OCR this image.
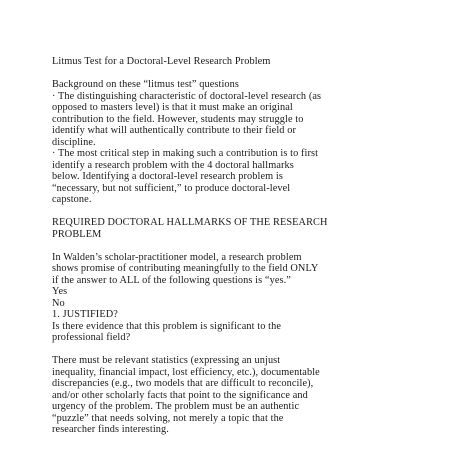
Litmus Test for a Doctoral-Level Research Problem
Background on these “litmus test” questions
· The distinguishing characteristic of doctoral-level research (as
opposed to masters level) is that it must make an original
contribution to the field. However, students may struggle to
identify what will authentically contribute to their field or
discipline.
· The most critical step in making such a contribution is to first
identify a research problem with the 4 doctoral hallmarks
below. Identifying a doctoral-level research problem is
“necessary, but not sufficient,” to produce doctoral-level
capstone.
REQUIRED DOCTORAL HALLMARKS OF THE RESEARCH
PROBLEM
In Walden’s scholar-practitioner model, a research problem
shows promise of contributing meaningfully to the field ONLY
if the answer to ALL of the following questions is “yes.”
Yes
No
1. JUSTIFIED?
Is there evidence that this problem is significant to the
professional field?
There must be relevant statistics (expressing an unjust
inequality, financial impact, lost efficiency, etc.), documentable
discrepancies (e.g., two models that are difficult to reconcile),
and/or other scholarly facts that point to the significance and
urgency of the problem. The problem must be an authentic
“puzzle” that needs solving, not merely a topic that the
researcher finds interesting.
